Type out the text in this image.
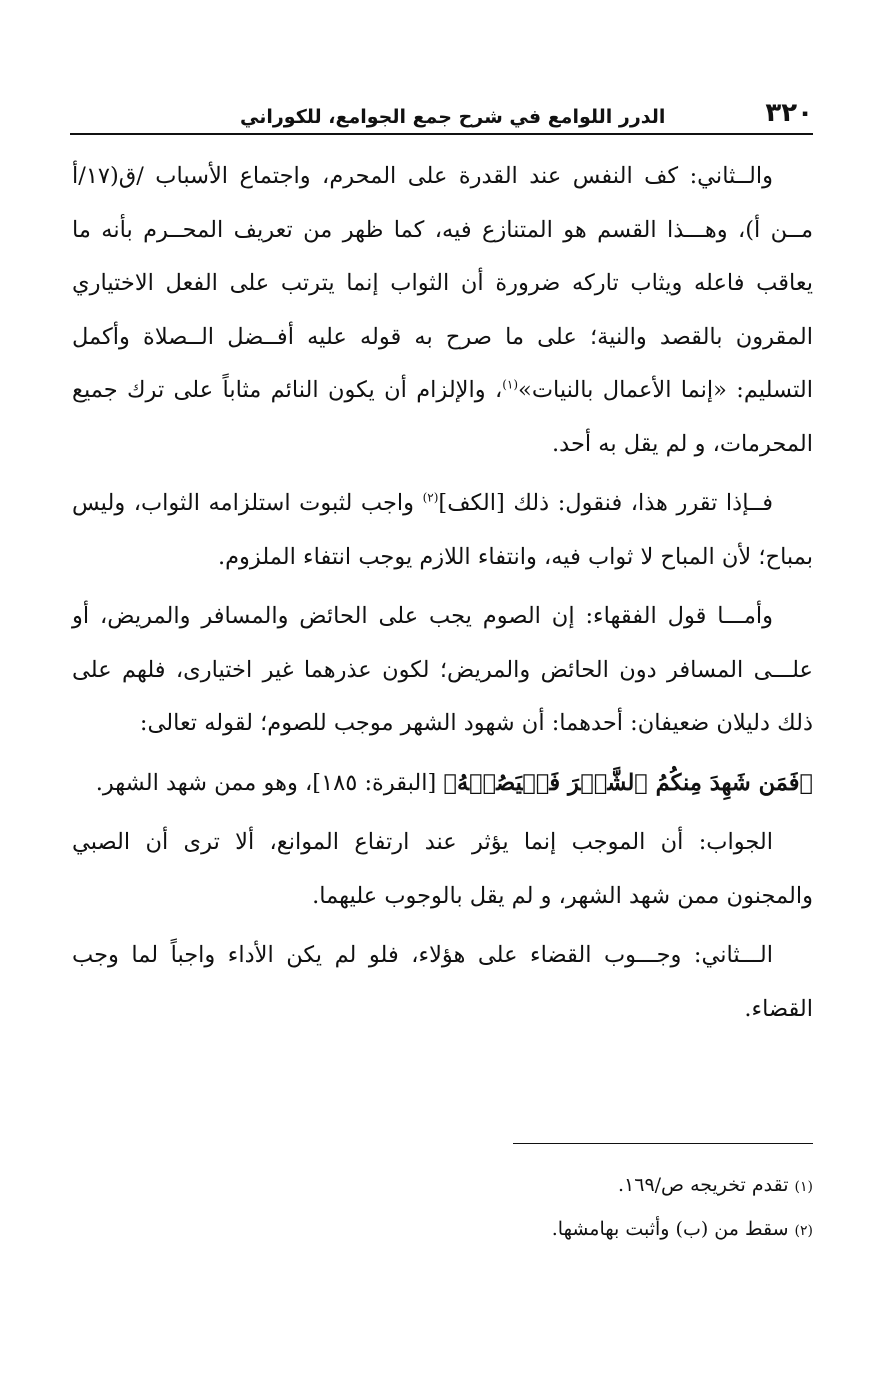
٣٢٠
الدرر اللوامع في شرح جمع الجوامع، للكوراني

والــثاني: كف النفس عند القدرة على المحرم، واجتماع الأسباب /ق(١٧/أ مــن أ)، وهـــذا القسم هو المتنازع فيه، كما ظهر من تعريف المحــرم بأنه ما يعاقب فاعله ويثاب تاركه ضرورة أن الثواب إنما يترتب على الفعل الاختياري المقرون بالقصد والنية؛ على ما صرح به قوله عليه أفــضل الــصلاة وأكمل التسليم: «إنما الأعمال بالنيات»$^{(١)}$، والإلزام أن يكون النائم مثاباً على ترك جميع المحرمات، و لم يقل به أحد.

فــإذا تقرر هذا، فنقول: ذلك [الكف]$^{(٢)}$ واجب لثبوت استلزامه الثواب، وليس بمباح؛ لأن المباح لا ثواب فيه، وانتفاء اللازم يوجب انتفاء الملزوم.

وأمـــا قول الفقهاء: إن الصوم يجب على الحائض والمسافر والمريض، أو علـــى المسافر دون الحائض والمريض؛ لكون عذرهما غير اختيارى، فلهم على ذلك دليلان ضعيفان: أحدهما: أن شهود الشهر موجب للصوم؛ لقوله تعالى:

﴿فَمَن شَهِدَ مِنكُمُ ٱلشَّهۡرَ فَلۡيَصُمۡهُ﴾ [البقرة: ١٨٥]، وهو ممن شهد الشهر.

الجواب: أن الموجب إنما يؤثر عند ارتفاع الموانع، ألا ترى أن الصبي والمجنون ممن شهد الشهر، و لم يقل بالوجوب عليهما.

الـــثاني: وجـــوب القضاء على هؤلاء، فلو لم يكن الأداء واجباً لما وجب القضاء.

(١)تقدم تخريجه ص/١٦٩.

(٢)سقط من (ب) وأثبت بهامشها.
